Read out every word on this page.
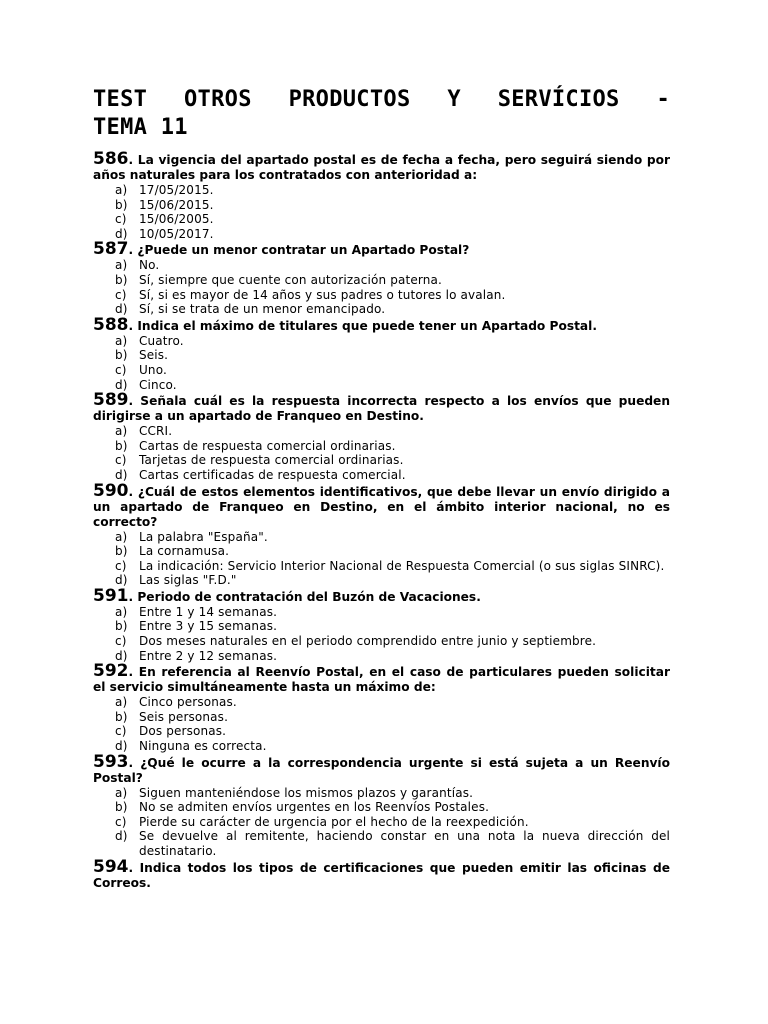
TEST OTROS PRODUCTOS Y SERVÍCIOS -
TEMA 11
586. La vigencia del apartado postal es de fecha a fecha, pero seguirá siendo por años naturales para los contratados con anterioridad a:
a) 17/05/2015.
b) 15/06/2015.
c)	15/06/2005.
d) 10/05/2017.
587. ¿Puede un menor contratar un Apartado Postal?
a) No.
b) Sí, siempre que cuente con autorización paterna.
c)	Sí, si es mayor de 14 años y sus padres o tutores lo avalan.
d) Sí, si se trata de un menor emancipado.
588. Indica el máximo de titulares que puede tener un Apartado Postal.
a) Cuatro.
b) Seis.
c)	Uno.
d) Cinco.
589. Señala cuál es la respuesta incorrecta respecto a los envíos que pueden dirigirse a un apartado de Franqueo en Destino.
a) CCRI.
b) Cartas de respuesta comercial ordinarias.
c)	Tarjetas de respuesta comercial ordinarias.
d) Cartas certificadas de respuesta comercial.
590. ¿Cuál de estos elementos identificativos, que debe llevar un envío dirigido a un apartado de Franqueo en Destino, en el ámbito interior nacional, no es correcto?
a) La palabra "España".
b) La cornamusa.
c)	La indicación: Servicio Interior Nacional de Respuesta Comercial (o sus siglas SINRC).
d) Las siglas "F.D."
591. Periodo de contratación del Buzón de Vacaciones.
a) Entre 1 y 14 semanas.
b) Entre 3 y 15 semanas.
c)	Dos meses naturales en el periodo comprendido entre junio y septiembre.
d) Entre 2 y 12 semanas.
592. En referencia al Reenvío Postal, en el caso de particulares pueden solicitar el servicio simultáneamente hasta un máximo de:
a) Cinco personas.
b) Seis personas.
c)	Dos personas.
d) Ninguna es correcta.
593. ¿Qué le ocurre a la correspondencia urgente si está sujeta a un Reenvío Postal?
a) Siguen manteniéndose los mismos plazos y garantías.
b) No se admiten envíos urgentes en los Reenvíos Postales.
c)	Pierde su carácter de urgencia por el hecho de la reexpedición.
d) Se devuelve al remitente, haciendo constar en una nota la nueva dirección del destinatario.
594. Indica todos los tipos de certificaciones que pueden emitir las oficinas de Correos.
